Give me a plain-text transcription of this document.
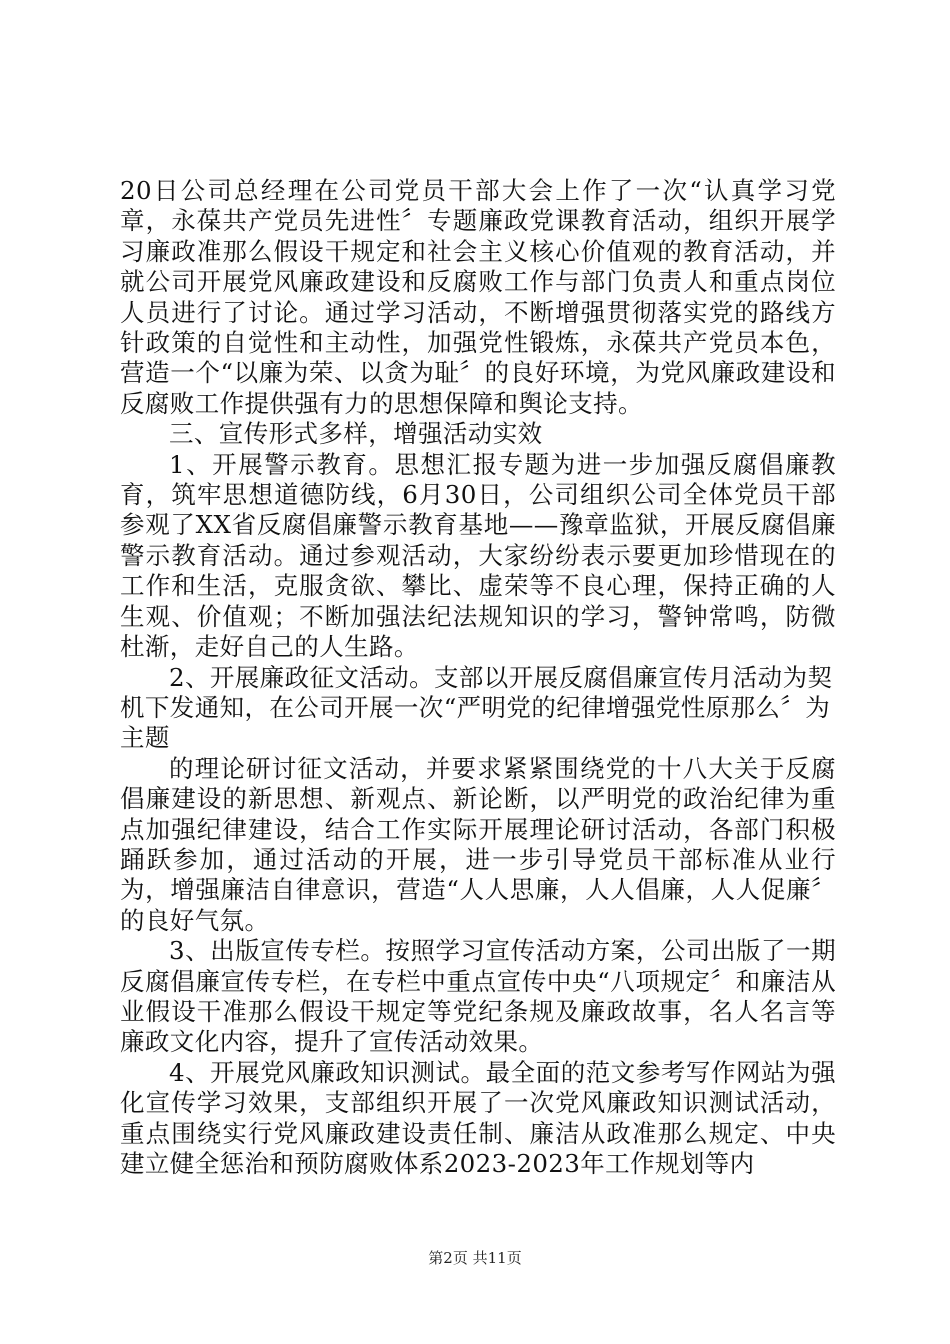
20日公司总经理在公司党员干部大会上作了一次“认真学习党章，永葆共产党员先进性〞专题廉政党课教育活动，组织开展学习廉政准那么假设干规定和社会主义核心价值观的教育活动，并就公司开展党风廉政建设和反腐败工作与部门负责人和重点岗位人员进行了讨论。通过学习活动，不断增强贯彻落实党的路线方针政策的自觉性和主动性，加强党性锻炼，永葆共产党员本色，营造一个“以廉为荣、以贪为耻〞的良好环境，为党风廉政建设和反腐败工作提供强有力的思想保障和舆论支持。

三、宣传形式多样，增强活动实效

1、开展警示教育。思想汇报专题为进一步加强反腐倡廉教育，筑牢思想道德防线，6月30日，公司组织公司全体党员干部参观了XX省反腐倡廉警示教育基地——豫章监狱，开展反腐倡廉警示教育活动。通过参观活动，大家纷纷表示要更加珍惜现在的工作和生活，克服贪欲、攀比、虚荣等不良心理，保持正确的人生观、价值观；不断加强法纪法规知识的学习，警钟常鸣，防微杜渐，走好自己的人生路。

2、开展廉政征文活动。支部以开展反腐倡廉宣传月活动为契机下发通知，在公司开展一次“严明党的纪律增强党性原那么〞为主题

的理论研讨征文活动，并要求紧紧围绕党的十八大关于反腐倡廉建设的新思想、新观点、新论断，以严明党的政治纪律为重点加强纪律建设，结合工作实际开展理论研讨活动，各部门积极踊跃参加，通过活动的开展，进一步引导党员干部标准从业行为，增强廉洁自律意识，营造“人人思廉，人人倡廉，人人促廉〞的良好气氛。

3、出版宣传专栏。按照学习宣传活动方案，公司出版了一期反腐倡廉宣传专栏，在专栏中重点宣传中央“八项规定〞和廉洁从业假设干准那么假设干规定等党纪条规及廉政故事，名人名言等廉政文化内容，提升了宣传活动效果。

4、开展党风廉政知识测试。最全面的范文参考写作网站为强化宣传学习效果，支部组织开展了一次党风廉政知识测试活动，重点围绕实行党风廉政建设责任制、廉洁从政准那么规定、中央建立健全惩治和预防腐败体系2023-2023年工作规划等内

第2页 共11页
